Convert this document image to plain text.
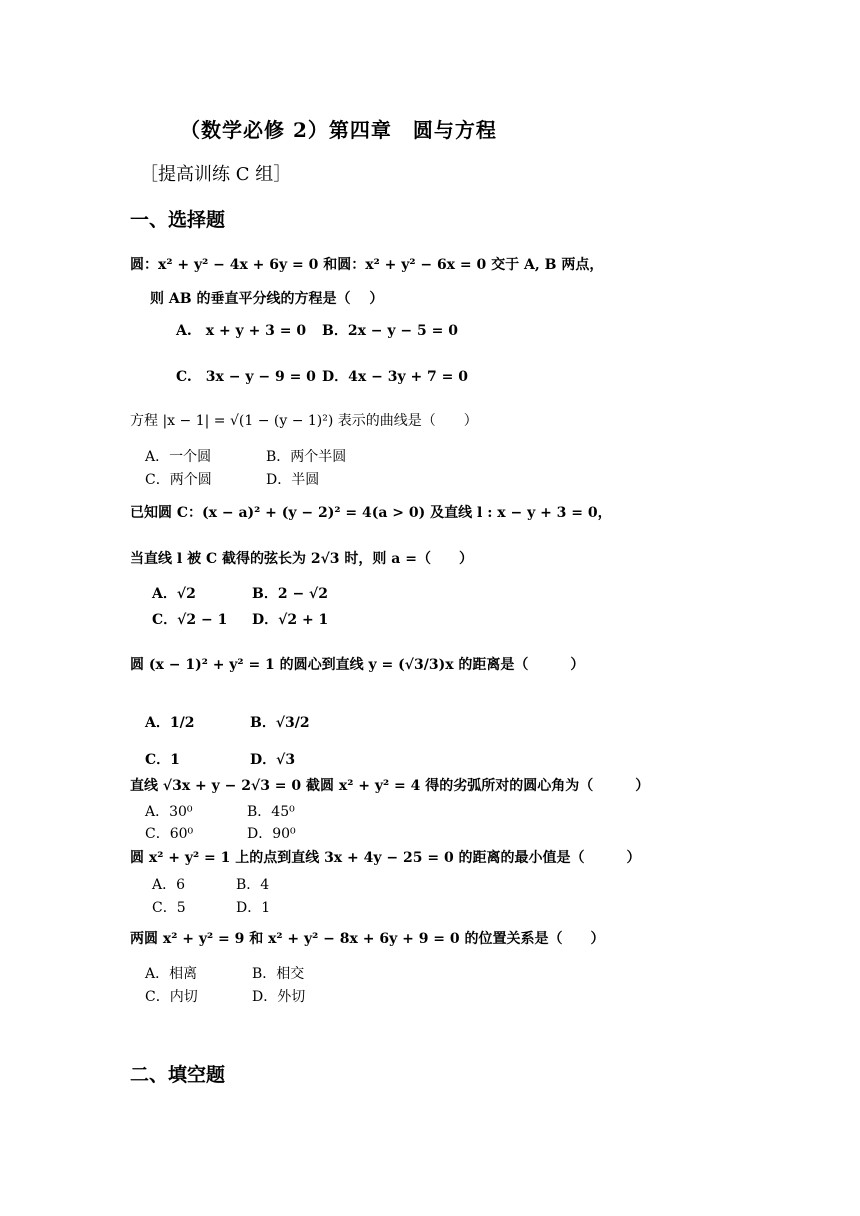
（数学必修 2）第四章　圆与方程
［提高训练 C 组］
一、选择题
圆：x² + y² − 4x + 6y = 0 和圆：x² + y² − 6x = 0 交于 A, B 两点，
则 AB 的垂直平分线的方程是（　 ）
A.　x + y + 3 = 0 B．2x − y − 5 = 0
C.　3x − y − 9 = 0 D．4x − 3y + 7 = 0
方程 |x − 1| = √(1 − (y − 1)²) 表示的曲线是（　　）
A．一个圆	B．两个半圆
C．两个圆	D．半圆
已知圆 C：(x − a)² + (y − 2)² = 4(a > 0) 及直线 l : x − y + 3 = 0，
当直线 l 被 C 截得的弦长为 2√3 时，则 a =（　　）
A．√2	B．2 − √2
C．√2 − 1 D．√2 + 1
圆 (x − 1)² + y² = 1 的圆心到直线 y = (√3/3)x 的距离是（　　　）
A．1/2	B．√3/2
C．1	D．√3
直线 √3x + y − 2√3 = 0 截圆 x² + y² = 4 得的劣弧所对的圆心角为（　　　）
A．30⁰	B．45⁰
C．60⁰	D．90⁰
圆 x² + y² = 1 上的点到直线 3x + 4y − 25 = 0 的距离的最小值是（　　　）
A．6	B．4
C．5	D．1
两圆 x² + y² = 9 和 x² + y² − 8x + 6y + 9 = 0 的位置关系是（　　）
A．相离	B．相交
C．内切	D．外切
二、填空题
